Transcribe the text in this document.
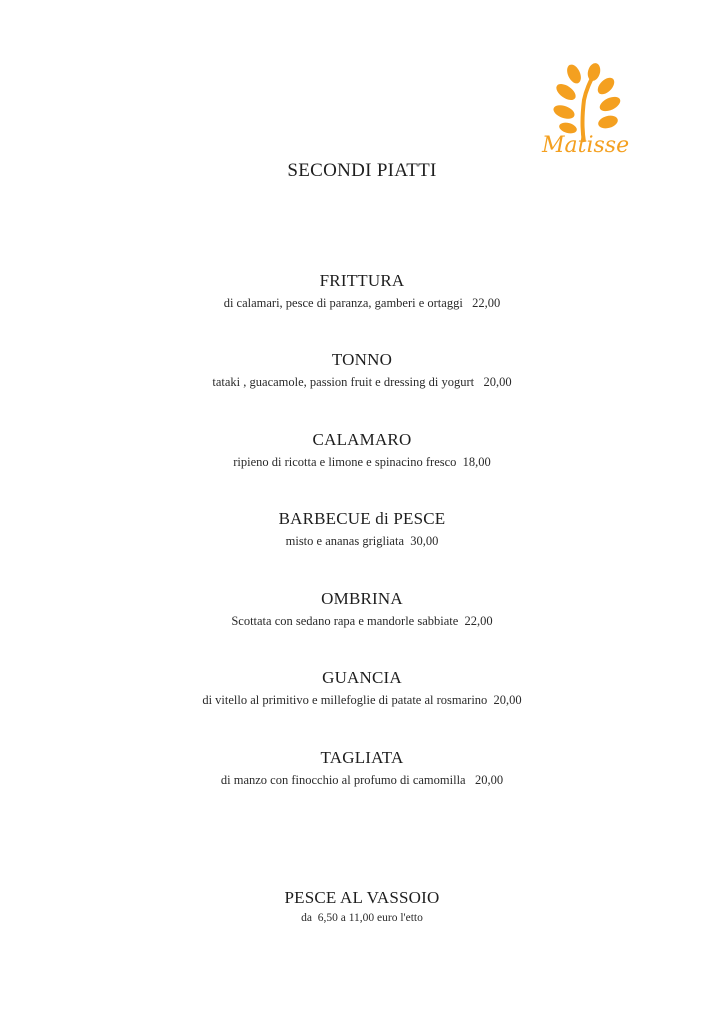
Matisse
SECONDI PIATTI
FRITTURA
di calamari, pesce di paranza, gamberi e ortaggi   22,00
TONNO
tataki , guacamole, passion fruit e dressing di yogurt   20,00
CALAMARO
ripieno di ricotta e limone e spinacino fresco  18,00
BARBECUE di PESCE
misto e ananas grigliata  30,00
OMBRINA
Scottata con sedano rapa e mandorle sabbiate  22,00
GUANCIA
di vitello al primitivo e millefoglie di patate al rosmarino  20,00
TAGLIATA
di manzo con finocchio al profumo di camomilla   20,00
PESCE AL VASSOIO
da  6,50 a 11,00 euro l'etto
